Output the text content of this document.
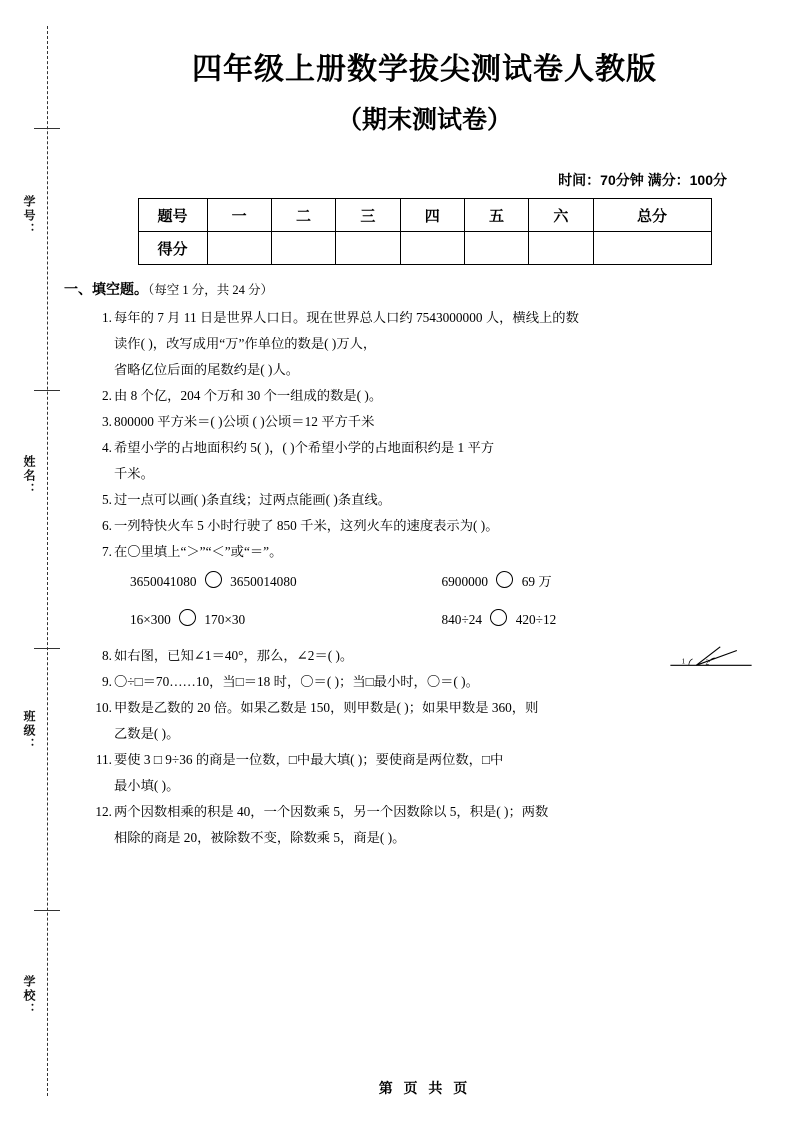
学号：
姓名：
班级：
学校：
四年级上册数学拔尖测试卷人教版
（期末测试卷）
时间：70分钟 满分：100分
题号	一	二	三	四	五	六	总分
得分							
一、填空题。（每空 1 分，共 24 分）
1. 每年的 7 月 11 日是世界人口日。现在世界总人口约 7543000000 人，横线上的数

读作( )，改写成用“万”作单位的数是( )万人，

省略亿位后面的尾数约是( )人。

2. 由 8 个亿，204 个万和 30 个一组成的数是( )。

3. 800000 平方米＝( )公顷 ( )公顷＝12 平方千米

4. 希望小学的占地面积约 5( )，( )个希望小学的占地面积约是 1 平方

千米。

5. 过一点可以画( )条直线；过两点能画( )条直线。

6. 一列特快火车 5 小时行驶了 850 千米，这列火车的速度表示为( )。

7. 在〇里填上“＞”“＜”或“＝”。

3650041080	3650014080	6900000	69 万
16×300	170×30	840÷24	420÷12
8. 如右图，已知∠1＝40°，那么，∠2＝( )。	1	2
9. 〇÷□＝70……10，当□＝18 时，〇＝( )；当□最小时，〇＝( )。

10. 甲数是乙数的 20 倍。如果乙数是 150，则甲数是( )；如果甲数是 360，则

乙数是( )。

11. 要使 3 □ 9÷36 的商是一位数，□中最大填( )；要使商是两位数，□中

最小填( )。

12. 两个因数相乘的积是 40，一个因数乘 5，另一个因数除以 5，积是( )；两数

相除的商是 20，被除数不变，除数乘 5，商是( )。

第 页 共 页
